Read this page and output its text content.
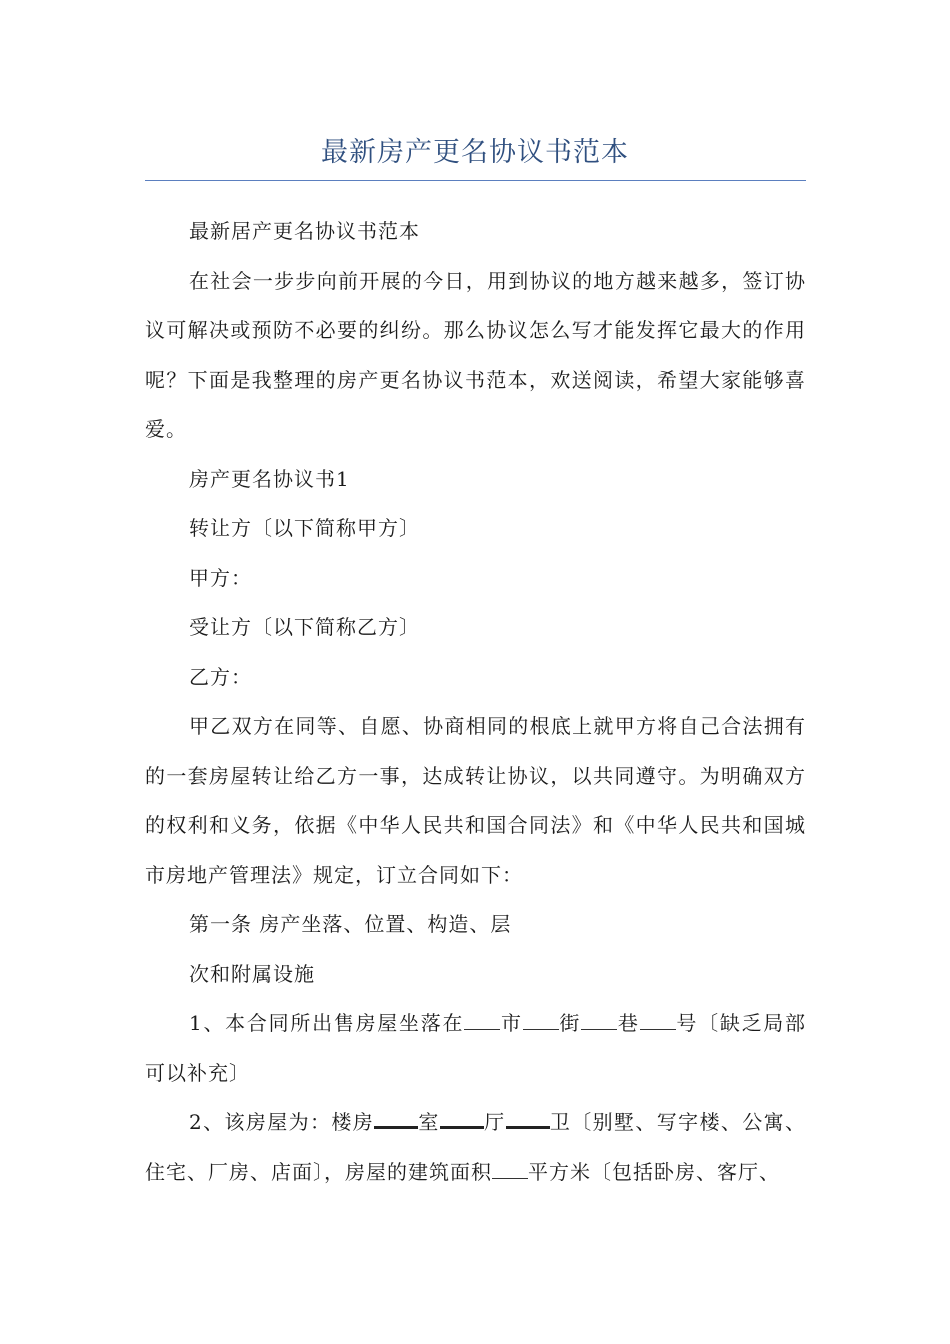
最新房产更名协议书范本

最新居产更名协议书范本

在社会一步步向前开展的今日，用到协议的地方越来越多，签订协议可解决或预防不必要的纠纷。那么协议怎么写才能发挥它最大的作用呢？下面是我整理的房产更名协议书范本，欢送阅读，希望大家能够喜爱。

房产更名协议书1

转让方〔以下简称甲方〕

甲方：

受让方〔以下简称乙方〕

乙方：

甲乙双方在同等、自愿、协商相同的根底上就甲方将自己合法拥有的一套房屋转让给乙方一事，达成转让协议，以共同遵守。为明确双方的权利和义务，依据《中华人民共和国合同法》和《中华人民共和国城市房地产管理法》规定，订立合同如下：

第一条 房产坐落、位置、构造、层

次和附属设施

1、本合同所出售房屋坐落在 市 街 巷 号〔缺乏局部可以补充〕

2、该房屋为：楼房 室 厅 卫〔别墅、写字楼、公寓、住宅、厂房、店面〕，房屋的建筑面积 平方米〔包括卧房、客厅、
